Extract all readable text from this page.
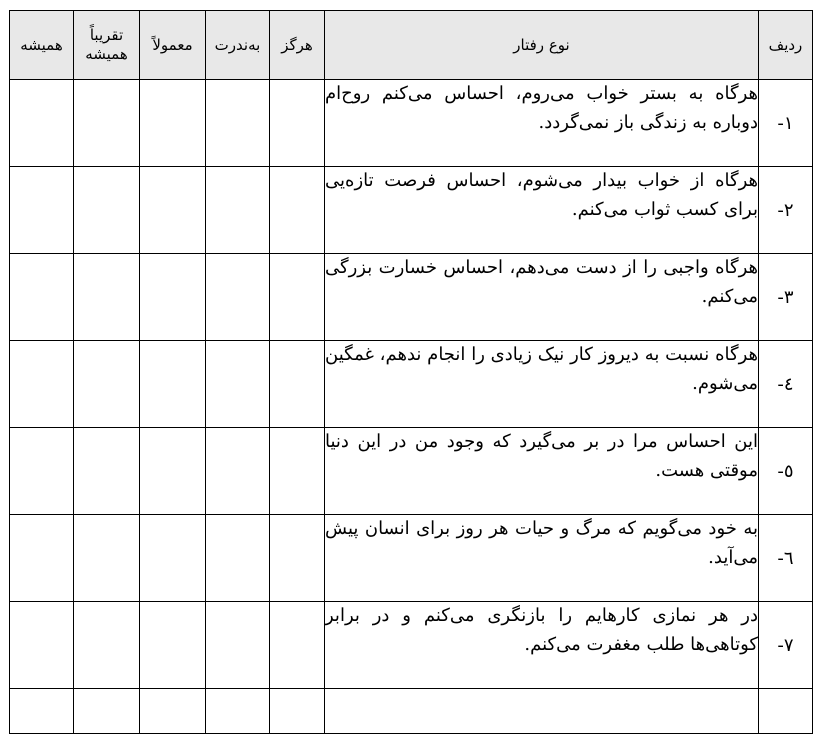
ردیف	نوع رفتار	هرگز	به‌ندرت	معمولاً	تقریباً همیشه	همیشه
۱-	هرگاه به بستر خواب می‌روم، احساس می‌کنم روح‌ام دوباره به زندگی باز نمی‌گردد.					
۲-	هرگاه از خواب بیدار می‌شوم، احساس فرصت تازه‌یی برای کسب ثواب می‌کنم.					
۳-	هرگاه واجبی را از دست می‌دهم، احساس خسارت بزرگی می‌کنم.					
٤-	هرگاه نسبت به دیروز کار نیک زیادی را انجام ندهم، غمگین می‌شوم.					
٥-	این احساس مرا در بر می‌گیرد که وجود من در این دنیا موقتی هست.					
٦-	به خود می‌گویم که مرگ و حیات هر روز برای انسان پیش می‌آید.					
۷-	در هر نمازی کارهایم را بازنگری می‌کنم و در برابر کوتاهی‌ها طلب مغفرت می‌کنم.					
